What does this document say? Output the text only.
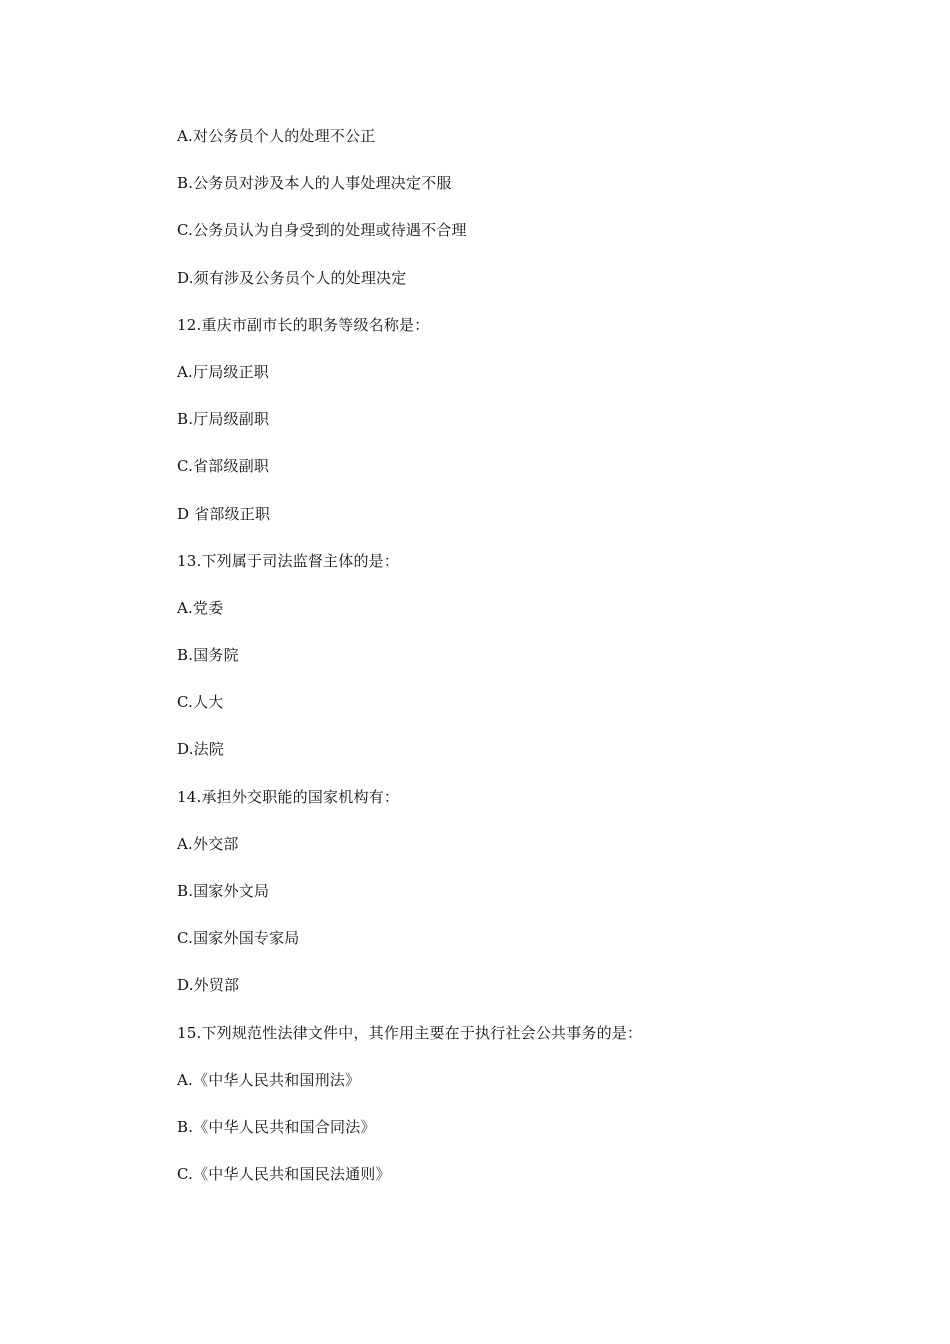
A.对公务员个人的处理不公正
B.公务员对涉及本人的人事处理决定不服
C.公务员认为自身受到的处理或待遇不合理
D.须有涉及公务员个人的处理决定
12.重庆市副市长的职务等级名称是：
A.厅局级正职
B.厅局级副职
C.省部级副职
D 省部级正职
13.下列属于司法监督主体的是：
A.党委
B.国务院
C.人大
D.法院
14.承担外交职能的国家机构有：
A.外交部
B.国家外文局
C.国家外国专家局
D.外贸部
15.下列规范性法律文件中，其作用主要在于执行社会公共事务的是：
A.《中华人民共和国刑法》
B.《中华人民共和国合同法》
C.《中华人民共和国民法通则》
